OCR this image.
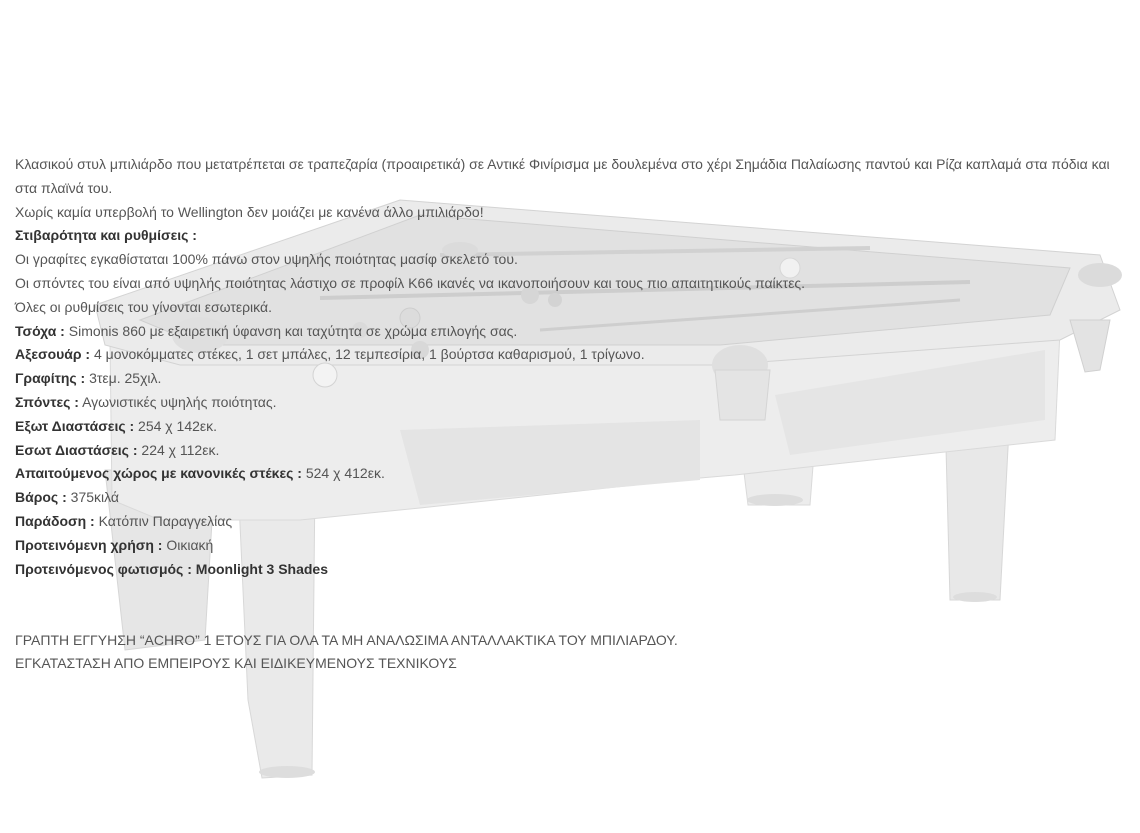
Κλασικού στυλ μπιλιάρδο που μετατρέπεται σε τραπεζαρία (προαιρετικά) σε Αντικέ Φινίρισμα με δουλεμένα στο χέρι Σημάδια Παλαίωσης παντού και Ρίζα καπλαμά στα πόδια και στα πλαϊνά του.

Χωρίς καμία υπερβολή το Wellington δεν μοιάζει με κανένα άλλο μπιλιάρδο!

Στιβαρότητα και ρυθμίσεις :

Οι γραφίτες εγκαθίσταται 100% πάνω στον υψηλής ποιότητας μασίφ σκελετό του.

Οι σπόντες του είναι από υψηλής ποιότητας λάστιχο σε προφίλ Κ66 ικανές να ικανοποιήσουν και τους πιο απαιτητικούς παίκτες.

Όλες οι ρυθμίσεις του γίνονται εσωτερικά.

Τσόχα : Simonis 860 με εξαιρετική ύφανση και ταχύτητα σε χρώμα επιλογής σας.

Αξεσουάρ : 4 μονοκόμματες στέκες, 1 σετ μπάλες, 12 τεμπεσίρια, 1 βούρτσα καθαρισμού, 1 τρίγωνο.

Γραφίτης : 3τεμ. 25χιλ.

Σπόντες : Αγωνιστικές υψηλής ποιότητας.

Εξωτ Διαστάσεις : 254 χ 142εκ.

Εσωτ Διαστάσεις : 224 χ 112εκ.

Απαιτούμενος χώρος με κανονικές στέκες : 524 χ 412εκ.

Βάρος : 375κιλά

Παράδοση : Κατόπιν Παραγγελίας

Προτεινόμενη χρήση : Οικιακή

Προτεινόμενος φωτισμός : Moonlight 3 Shades

ΓΡΑΠΤΗ ΕΓΓΥΗΣΗ “ACHRO” 1 ΕΤΟΥΣ ΓΙΑ ΟΛΑ ΤΑ ΜΗ ΑΝΑΛΩΣΙΜΑ ΑΝΤΑΛΛΑΚΤΙΚΑ ΤΟΥ ΜΠΙΛΙΑΡΔΟΥ.

ΕΓΚΑΤΑΣΤΑΣΗ ΑΠΟ ΕΜΠΕΙΡΟΥΣ ΚΑΙ ΕΙΔΙΚΕΥΜΕΝΟΥΣ ΤΕΧΝΙΚΟΥΣ
